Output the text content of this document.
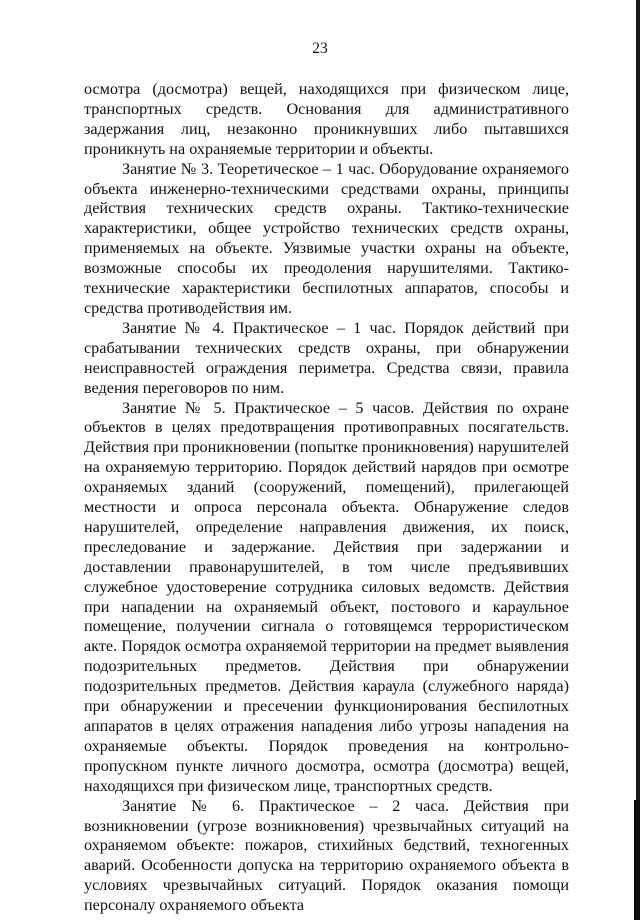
23

осмотра (досмотра) вещей, находящихся при физическом лице, транспортных средств. Основания для административного задержания лиц, незаконно проникнувших либо пытавшихся проникнуть на охраняемые территории и объекты.

Занятие № 3. Теоретическое – 1 час. Оборудование охраняемого объекта инженерно-техническими средствами охраны, принципы действия технических средств охраны. Тактико-технические характеристики, общее устройство технических средств охраны, применяемых на объекте. Уязвимые участки охраны на объекте, возможные способы их преодоления нарушителями. Тактико-технические характеристики беспилотных аппаратов, способы и средства противодействия им.

Занятие № 4. Практическое – 1 час. Порядок действий при срабатывании технических средств охраны, при обнаружении неисправностей ограждения периметра. Средства связи, правила ведения переговоров по ним.

Занятие № 5. Практическое – 5 часов. Действия по охране объектов в целях предотвращения противоправных посягательств. Действия при проникновении (попытке проникновения) нарушителей на охраняемую территорию. Порядок действий нарядов при осмотре охраняемых зданий (сооружений, помещений), прилегающей местности и опроса персонала объекта. Обнаружение следов нарушителей, определение направления движения, их поиск, преследование и задержание. Действия при задержании и доставлении правонарушителей, в том числе предъявивших служебное удостоверение сотрудника силовых ведомств. Действия при нападении на охраняемый объект, постового и караульное помещение, получении сигнала о готовящемся террористическом акте. Порядок осмотра охраняемой территории на предмет выявления подозрительных предметов. Действия при обнаружении подозрительных предметов. Действия караула (служебного наряда) при обнаружении и пресечении функционирования беспилотных аппаратов в целях отражения нападения либо угрозы нападения на охраняемые объекты. Порядок проведения на контрольно-пропускном пункте личного досмотра, осмотра (досмотра) вещей, находящихся при физическом лице, транспортных средств.

Занятие № 6. Практическое – 2 часа. Действия при возникновении (угрозе возникновения) чрезвычайных ситуаций на охраняемом объекте: пожаров, стихийных бедствий, техногенных аварий. Особенности допуска на территорию охраняемого объекта в условиях чрезвычайных ситуаций. Порядок оказания помощи персоналу охраняемого объекта
